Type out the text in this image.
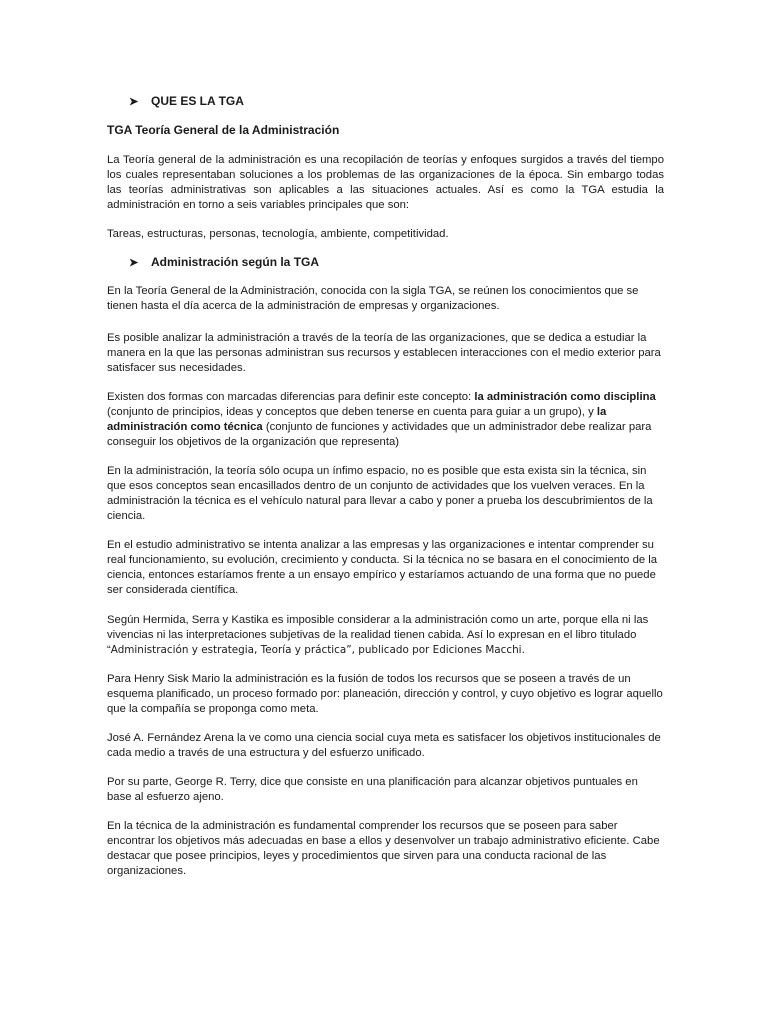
➤ QUE ES LA TGA

TGA Teoría General de la Administración

La Teoría general de la administración es una recopilación de teorías y enfoques surgidos a través del tiempo los cuales representaban soluciones a los problemas de las organizaciones de la época. Sin embargo todas las teorías administrativas son aplicables a las situaciones actuales. Así es como la TGA estudia la administración en torno a seis variables principales que son:

Tareas, estructuras, personas, tecnología, ambiente, competitividad.

➤ Administración según la TGA

En la Teoría General de la Administración, conocida con la sigla TGA, se reúnen los conocimientos que se tienen hasta el día acerca de la administración de empresas y organizaciones.

Es posible analizar la administración a través de la teoría de las organizaciones, que se dedica a estudiar la manera en la que las personas administran sus recursos y establecen interacciones con el medio exterior para satisfacer sus necesidades.

Existen dos formas con marcadas diferencias para definir este concepto: la administración como disciplina (conjunto de principios, ideas y conceptos que deben tenerse en cuenta para guiar a un grupo), y la administración como técnica (conjunto de funciones y actividades que un administrador debe realizar para conseguir los objetivos de la organización que representa)

En la administración, la teoría sólo ocupa un ínfimo espacio, no es posible que esta exista sin la técnica, sin que esos conceptos sean encasillados dentro de un conjunto de actividades que los vuelven veraces. En la administración la técnica es el vehículo natural para llevar a cabo y poner a prueba los descubrimientos de la ciencia.

En el estudio administrativo se intenta analizar a las empresas y las organizaciones e intentar comprender su real funcionamiento, su evolución, crecimiento y conducta. Si la técnica no se basara en el conocimiento de la ciencia, entonces estaríamos frente a un ensayo empírico y estaríamos actuando de una forma que no puede ser considerada científica.

Según Hermida, Serra y Kastika es imposible considerar a la administración como un arte, porque ella ni las vivencias ni las interpretaciones subjetivas de la realidad tienen cabida. Así lo expresan en el libro titulado “Administración y estrategia, Teoría y práctica”, publicado por Ediciones Macchi.

Para Henry Sisk Mario la administración es la fusión de todos los recursos que se poseen a través de un esquema planificado, un proceso formado por: planeación, dirección y control, y cuyo objetivo es lograr aquello que la compañía se proponga como meta.

José A. Fernández Arena la ve como una ciencia social cuya meta es satisfacer los objetivos institucionales de cada medio a través de una estructura y del esfuerzo unificado.

Por su parte, George R. Terry, dice que consiste en una planificación para alcanzar objetivos puntuales en base al esfuerzo ajeno.

En la técnica de la administración es fundamental comprender los recursos que se poseen para saber encontrar los objetivos más adecuadas en base a ellos y desenvolver un trabajo administrativo eficiente. Cabe destacar que posee principios, leyes y procedimientos que sirven para una conducta racional de las organizaciones.
